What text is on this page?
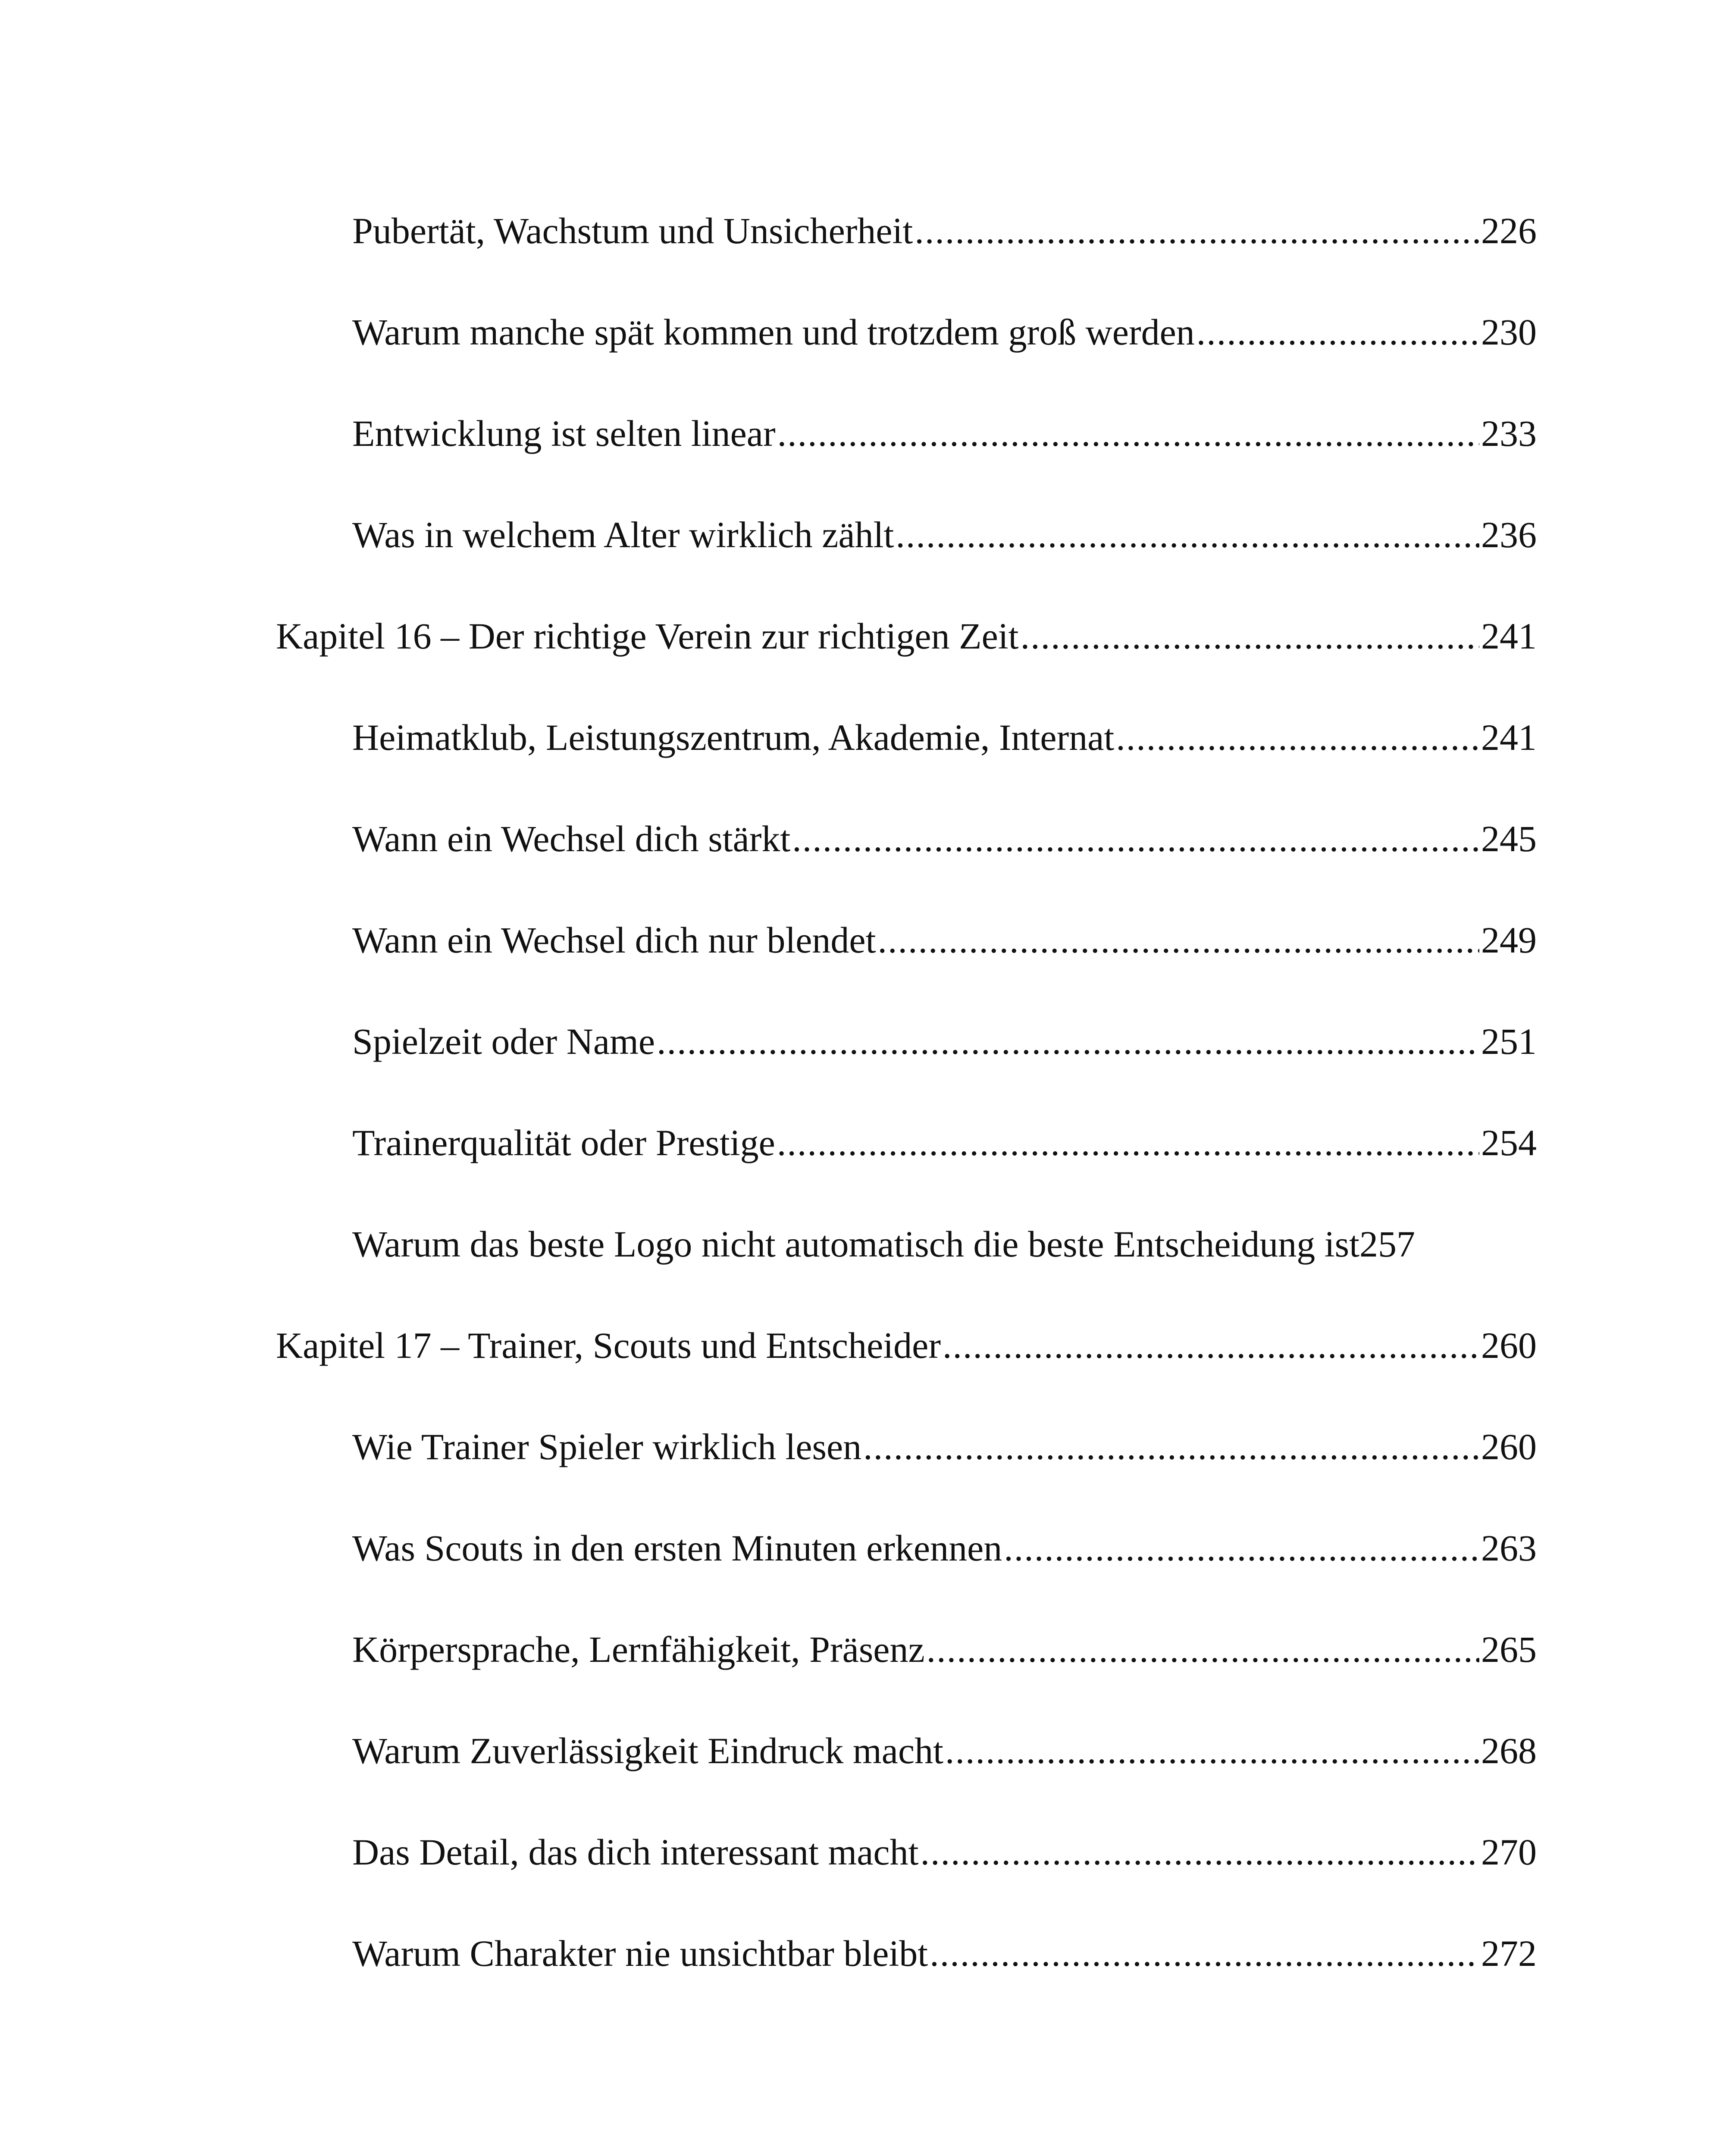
Pubertät, Wachstum und Unsicherheit .....	226
Warum manche spät kommen und trotzdem groß werden .....	230
Entwicklung ist selten linear .....	233
Was in welchem Alter wirklich zählt .....	236
Kapitel 16 – Der richtige Verein zur richtigen Zeit .....	241
Heimatklub, Leistungszentrum, Akademie, Internat .....	241
Wann ein Wechsel dich stärkt .....	245
Wann ein Wechsel dich nur blendet .....	249
Spielzeit oder Name .....	251
Trainerqualität oder Prestige .....	254
Warum das beste Logo nicht automatisch die beste Entscheidung ist 257
Kapitel 17 – Trainer, Scouts und Entscheider .....	260
Wie Trainer Spieler wirklich lesen .....	260
Was Scouts in den ersten Minuten erkennen .....	263
Körpersprache, Lernfähigkeit, Präsenz .....	265
Warum Zuverlässigkeit Eindruck macht .....	268
Das Detail, das dich interessant macht .....	270
Warum Charakter nie unsichtbar bleibt .....	272
